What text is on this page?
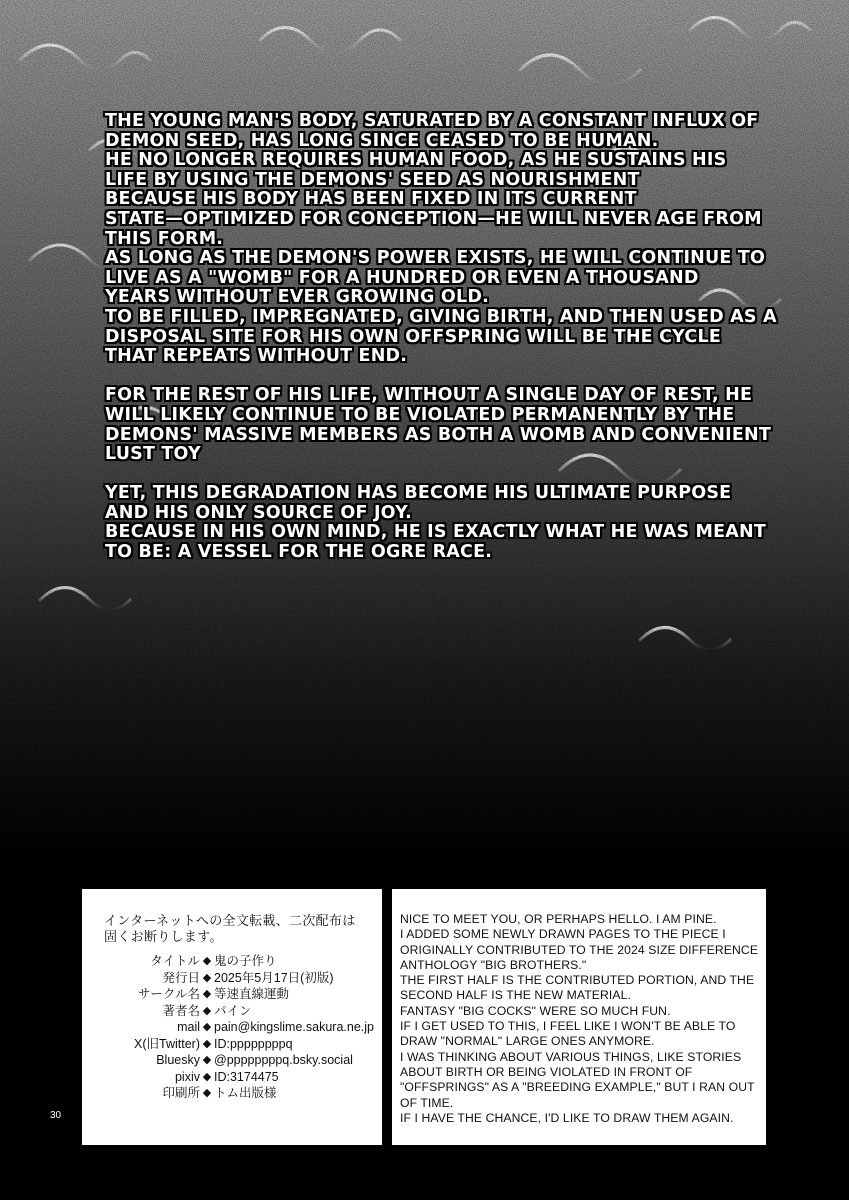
THE YOUNG MAN'S BODY, SATURATED BY A CONSTANT INFLUX OF

DEMON SEED, HAS LONG SINCE CEASED TO BE HUMAN.

HE NO LONGER REQUIRES HUMAN FOOD, AS HE SUSTAINS HIS

LIFE BY USING THE DEMONS' SEED AS NOURISHMENT

BECAUSE HIS BODY HAS BEEN FIXED IN ITS CURRENT

STATE—OPTIMIZED FOR CONCEPTION—HE WILL NEVER AGE FROM

THIS FORM.

AS LONG AS THE DEMON'S POWER EXISTS, HE WILL CONTINUE TO

LIVE AS A "WOMB" FOR A HUNDRED OR EVEN A THOUSAND

YEARS WITHOUT EVER GROWING OLD.

TO BE FILLED, IMPREGNATED, GIVING BIRTH, AND THEN USED AS A

DISPOSAL SITE FOR HIS OWN OFFSPRING WILL BE THE CYCLE

THAT REPEATS WITHOUT END.

FOR THE REST OF HIS LIFE, WITHOUT A SINGLE DAY OF REST, HE

WILL LIKELY CONTINUE TO BE VIOLATED PERMANENTLY BY THE

DEMONS' MASSIVE MEMBERS AS BOTH A WOMB AND CONVENIENT

LUST TOY

YET, THIS DEGRADATION HAS BECOME HIS ULTIMATE PURPOSE

AND HIS ONLY SOURCE OF JOY.

BECAUSE IN HIS OWN MIND, HE IS EXACTLY WHAT HE WAS MEANT

TO BE: A VESSEL FOR THE OGRE RACE.

インターネットへの全文転載、二次配布は

固くお断りします。

タイトル ◆ 鬼の子作り
発行日 ◆ 2025年5月17日(初版)
サークル名 ◆ 等速直線運動
著者名 ◆ パイン
mail ◆ pain@kingslime.sakura.ne.jp
X(旧Twitter) ◆ ID:ppppppppq
Bluesky ◆ @ppppppppq.bsky.social
pixiv ◆ ID:3174475
印刷所 ◆ トム出版様

NICE TO MEET YOU, OR PERHAPS HELLO. I AM PINE.

I ADDED SOME NEWLY DRAWN PAGES TO THE PIECE I

ORIGINALLY CONTRIBUTED TO THE 2024 SIZE DIFFERENCE

ANTHOLOGY "BIG BROTHERS."

THE FIRST HALF IS THE CONTRIBUTED PORTION, AND THE

SECOND HALF IS THE NEW MATERIAL.

FANTASY "BIG COCKS" WERE SO MUCH FUN.

IF I GET USED TO THIS, I FEEL LIKE I WON'T BE ABLE TO

DRAW "NORMAL" LARGE ONES ANYMORE.

I WAS THINKING ABOUT VARIOUS THINGS, LIKE STORIES

ABOUT BIRTH OR BEING VIOLATED IN FRONT OF

"OFFSPRINGS" AS A "BREEDING EXAMPLE," BUT I RAN OUT

OF TIME.

IF I HAVE THE CHANCE, I'D LIKE TO DRAW THEM AGAIN.

30
